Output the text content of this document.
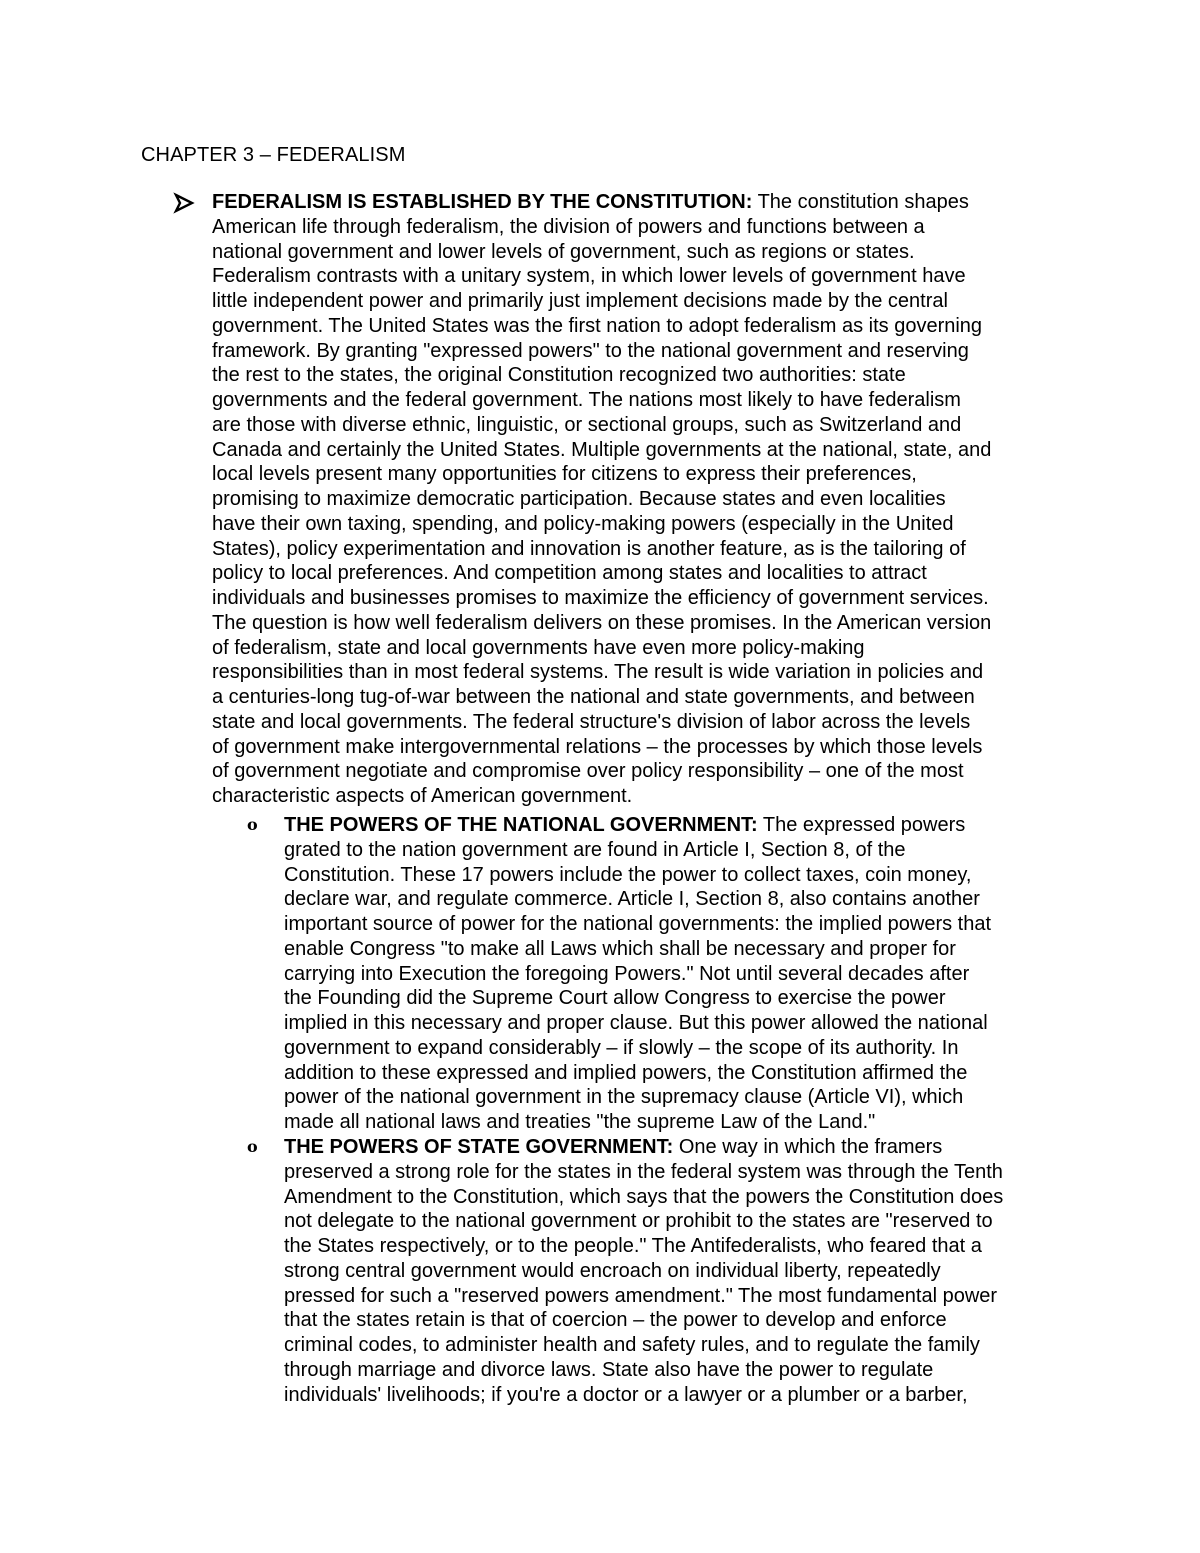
CHAPTER 3 – FEDERALISM

FEDERALISM IS ESTABLISHED BY THE CONSTITUTION: The constitution shapes
American life through federalism, the division of powers and functions between a
national government and lower levels of government, such as regions or states.
Federalism contrasts with a unitary system, in which lower levels of government have
little independent power and primarily just implement decisions made by the central
government. The United States was the first nation to adopt federalism as its governing
framework. By granting "expressed powers" to the national government and reserving
the rest to the states, the original Constitution recognized two authorities: state
governments and the federal government. The nations most likely to have federalism
are those with diverse ethnic, linguistic, or sectional groups, such as Switzerland and
Canada and certainly the United States. Multiple governments at the national, state, and
local levels present many opportunities for citizens to express their preferences,
promising to maximize democratic participation. Because states and even localities
have their own taxing, spending, and policy-making powers (especially in the United
States), policy experimentation and innovation is another feature, as is the tailoring of
policy to local preferences. And competition among states and localities to attract
individuals and businesses promises to maximize the efficiency of government services.
The question is how well federalism delivers on these promises. In the American version
of federalism, state and local governments have even more policy-making
responsibilities than in most federal systems. The result is wide variation in policies and
a centuries-long tug-of-war between the national and state governments, and between
state and local governments. The federal structure's division of labor across the levels
of government make intergovernmental relations – the processes by which those levels
of government negotiate and compromise over policy responsibility – one of the most
characteristic aspects of American government.

o THE POWERS OF THE NATIONAL GOVERNMENT: The expressed powers
grated to the nation government are found in Article I, Section 8, of the
Constitution. These 17 powers include the power to collect taxes, coin money,
declare war, and regulate commerce. Article I, Section 8, also contains another
important source of power for the national governments: the implied powers that
enable Congress "to make all Laws which shall be necessary and proper for
carrying into Execution the foregoing Powers." Not until several decades after
the Founding did the Supreme Court allow Congress to exercise the power
implied in this necessary and proper clause. But this power allowed the national
government to expand considerably – if slowly – the scope of its authority. In
addition to these expressed and implied powers, the Constitution affirmed the
power of the national government in the supremacy clause (Article VI), which
made all national laws and treaties "the supreme Law of the Land."

o THE POWERS OF STATE GOVERNMENT: One way in which the framers
preserved a strong role for the states in the federal system was through the Tenth
Amendment to the Constitution, which says that the powers the Constitution does
not delegate to the national government or prohibit to the states are "reserved to
the States respectively, or to the people." The Antifederalists, who feared that a
strong central government would encroach on individual liberty, repeatedly
pressed for such a "reserved powers amendment." The most fundamental power
that the states retain is that of coercion – the power to develop and enforce
criminal codes, to administer health and safety rules, and to regulate the family
through marriage and divorce laws. State also have the power to regulate
individuals' livelihoods; if you're a doctor or a lawyer or a plumber or a barber,
